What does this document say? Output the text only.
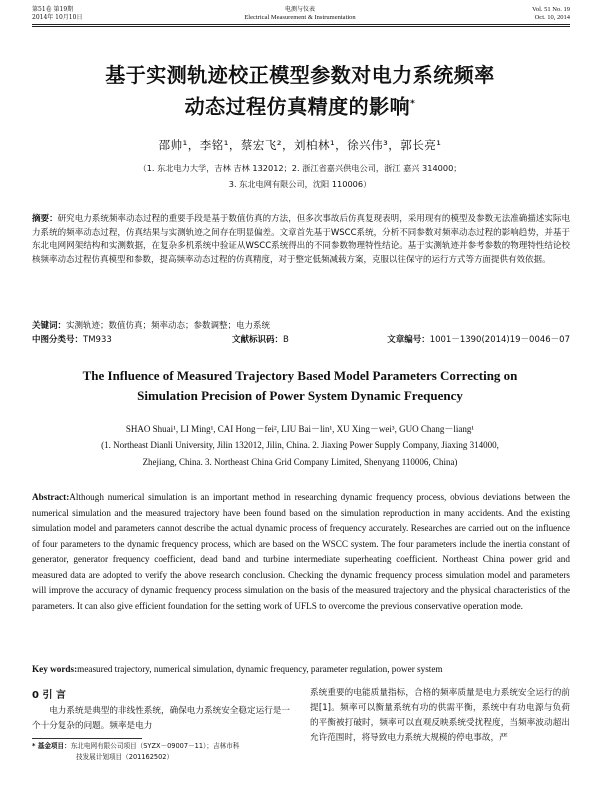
第51卷 第19期
2014年 10月10日
电测与仪表
Electrical Measurement & Instrumentation
Vol. 51 No. 19
Oct. 10, 2014
基于实测轨迹校正模型参数对电力系统频率
动态过程仿真精度的影响*
邵帅¹，李铭¹，蔡宏飞²，刘柏林¹，徐兴伟³，郭长亮¹
（1. 东北电力大学，吉林 吉林 132012；2. 浙江省嘉兴供电公司，浙江 嘉兴 314000；
3. 东北电网有限公司，沈阳 110006）
摘要：研究电力系统频率动态过程的重要手段是基于数值仿真的方法，但多次事故后仿真复现表明，采用现有的模型及参数无法准确描述实际电力系统的频率动态过程，仿真结果与实测轨迹之间存在明显偏差。文章首先基于WSCC系统，分析不同参数对频率动态过程的影响趋势，并基于东北电网网架结构和实测数据，在复杂多机系统中验证从WSCC系统得出的不同参数物理特性结论。基于实测轨迹并参考参数的物理特性结论校核频率动态过程仿真模型和参数，提高频率动态过程的仿真精度，对于整定低频减载方案，克服以往保守的运行方式等方面提供有效依据。
关键词：实测轨迹；数值仿真；频率动态；参数调整；电力系统
中图分类号：TM933	文献标识码：B	文章编号：1001－1390(2014)19－0046－07
The Influence of Measured Trajectory Based Model Parameters Correcting on
Simulation Precision of Power System Dynamic Frequency
SHAO Shuai¹, LI Ming¹, CAI Hong－fei², LIU Bai－lin¹, XU Xing－wei³, GUO Chang－liang¹
(1. Northeast Dianli University, Jilin 132012, Jilin, China. 2. Jiaxing Power Supply Company, Jiaxing 314000,
Zhejiang, China. 3. Northeast China Grid Company Limited, Shenyang 110006, China)
Abstract:Although numerical simulation is an important method in researching dynamic frequency process, obvious deviations between the numerical simulation and the measured trajectory have been found based on the simulation reproduction in many accidents. And the existing simulation model and parameters cannot describe the actual dynamic process of frequency accurately. Researches are carried out on the influence of four parameters to the dynamic frequency process, which are based on the WSCC system. The four parameters include the inertia constant of generator, generator frequency coefficient, dead band and turbine intermediate superheating coefficient. Northeast China power grid and measured data are adopted to verify the above research conclusion. Checking the dynamic frequency process simulation model and parameters will improve the accuracy of dynamic frequency process simulation on the basis of the measured trajectory and the physical characteristics of the parameters. It can also give efficient foundation for the setting work of UFLS to overcome the previous conservative operation mode.
Key words:measured trajectory, numerical simulation, dynamic frequency, parameter regulation, power system
0 引 言
电力系统是典型的非线性系统，确保电力系统安全稳定运行是一个十分复杂的问题。频率是电力
* 基金项目：东北电网有限公司项目（SYZX－09007－11）；吉林市科
技发展计划项目（201162502）
系统重要的电能质量指标，合格的频率质量是电力系统安全运行的前提[1]。频率可以衡量系统有功的供需平衡，系统中有功电源与负荷的平衡被打破时，频率可以直观反映系统受扰程度，当频率波动超出允许范围时，将导致电力系统大规模的停电事故，严
